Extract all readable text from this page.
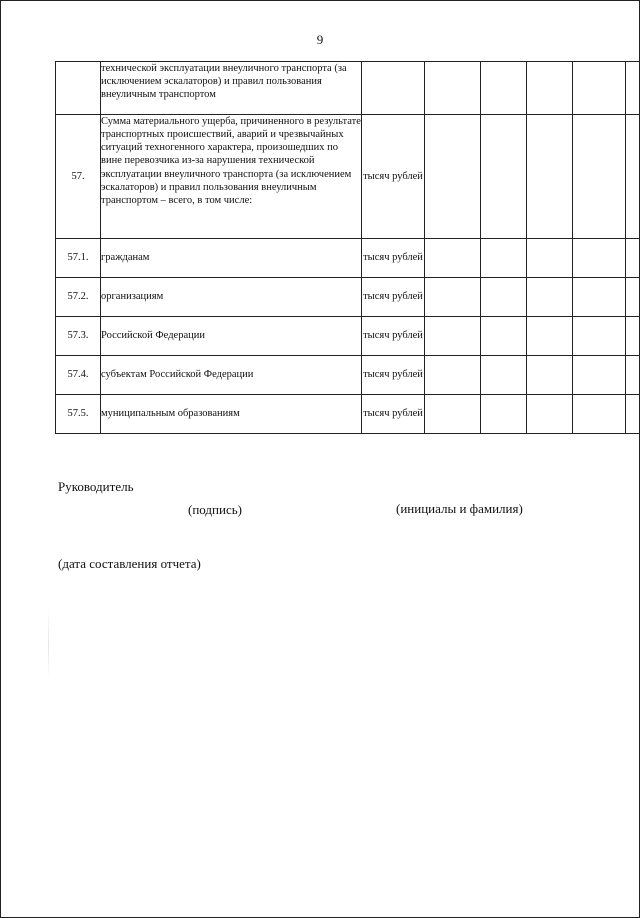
9
	технической эксплуатации внеуличного транспорта (за исключением эскалаторов) и правил пользования внеуличным транспортом						
57.	Сумма материального ущерба, причиненного в результате транспортных происшествий, аварий и чрезвычайных ситуаций техногенного характера, произошедших по вине перевозчика из-за нарушения технической эксплуатации внеуличного транспорта (за исключением эскалаторов) и правил пользования внеуличным транспортом – всего, в том числе:	тысяч рублей					
57.1.	гражданам	тысяч рублей					
57.2.	организациям	тысяч рублей					
57.3.	Российской Федерации	тысяч рублей					
57.4.	субъектам Российской Федерации	тысяч рублей					
57.5.	муниципальным образованиям	тысяч рублей					
Руководитель
(подпись)	(инициалы и фамилия)
(дата составления отчета)
